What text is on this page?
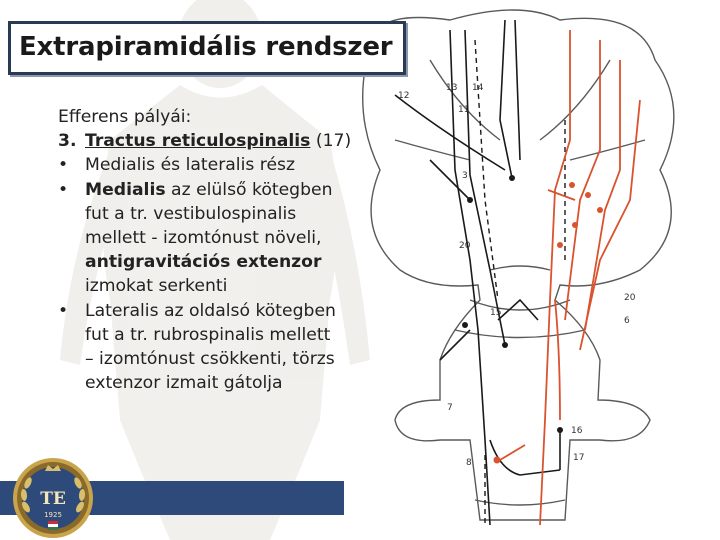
12
13 14
11
3
20
15
20
6
7
16
8	17
Extrapiramidális rendszer
Efferens pályái:
3. Tractus reticulospinalis (17)
• Medialis és lateralis rész
• Medialis az elülső kötegben
fut a tr. vestibulospinalis
mellett - izomtónust növeli,
antigravitációs extenzor
izmokat serkenti
• Lateralis az oldalsó kötegben
fut a tr. rubrospinalis mellett
– izomtónust csökkenti, törzs
extenzor izmait gátolja
TE
1925
